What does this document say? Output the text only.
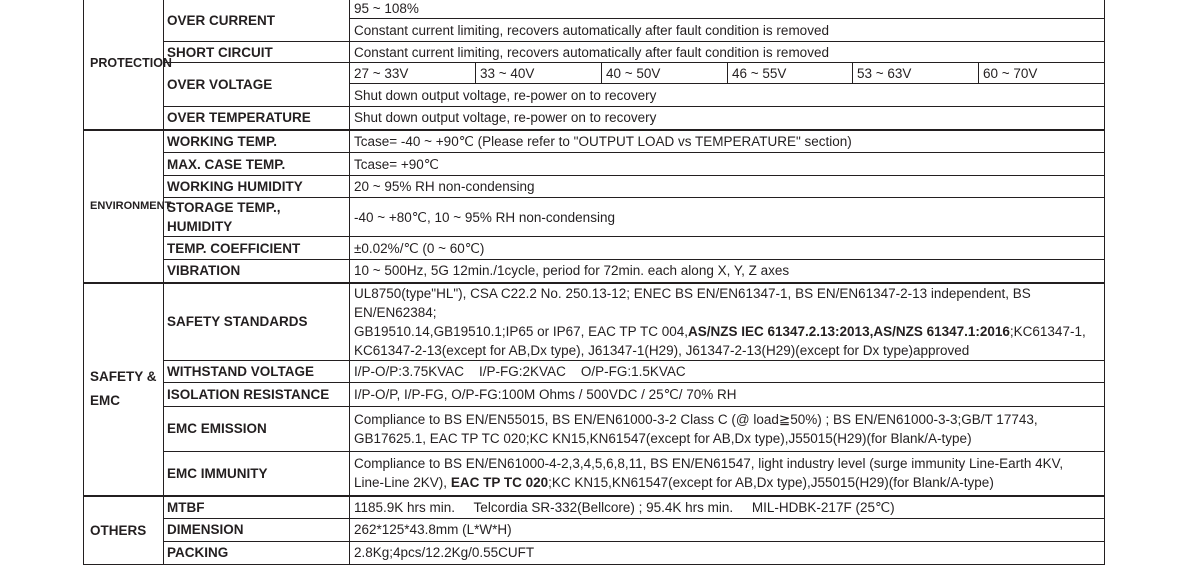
PROTECTION	OVER CURRENT	95 ~ 108%					
		Constant current limiting, recovers automatically after fault condition is removed					
	SHORT CIRCUIT	Constant current limiting, recovers automatically after fault condition is removed					
	OVER VOLTAGE	27 ~ 33V	33 ~ 40V	40 ~ 50V	46 ~ 55V	53 ~ 63V	60 ~ 70V
		Shut down output voltage, re-power on to recovery					
	OVER TEMPERATURE	Shut down output voltage, re-power on to recovery					
ENVIRONMENT	WORKING TEMP.	Tcase= -40 ~ +90℃ (Please refer to "OUTPUT LOAD vs TEMPERATURE" section)					
	MAX. CASE TEMP.	Tcase= +90℃					
	WORKING HUMIDITY	20 ~ 95% RH non-condensing					
	STORAGE TEMP., HUMIDITY	-40 ~ +80℃, 10 ~ 95% RH non-condensing					
	TEMP. COEFFICIENT	±0.02%/℃ (0 ~ 60℃)					
	VIBRATION	10 ~ 500Hz, 5G 12min./1cycle, period for 72min. each along X, Y, Z axes					
SAFETY &
EMC	SAFETY STANDARDS	UL8750(type"HL"), CSA C22.2 No. 250.13-12; ENEC BS EN/EN61347-1, BS EN/EN61347-2-13 independent, BS EN/EN62384;
GB19510.14,GB19510.1;IP65 or IP67, EAC TP TC 004,AS/NZS IEC 61347.2.13:2013,AS/NZS 61347.1:2016;KC61347-1,
KC61347-2-13(except for AB,Dx type), J61347-1(H29), J61347-2-13(H29)(except for Dx type)approved					
	WITHSTAND VOLTAGE	I/P-O/P:3.75KVAC    I/P-FG:2KVAC    O/P-FG:1.5KVAC					
	ISOLATION RESISTANCE	I/P-O/P, I/P-FG, O/P-FG:100M Ohms / 500VDC / 25℃/ 70% RH					
	EMC EMISSION	Compliance to BS EN/EN55015, BS EN/EN61000-3-2 Class C (@ load≧50%) ; BS EN/EN61000-3-3;GB/T 17743,
GB17625.1, EAC TP TC 020;KC KN15,KN61547(except for AB,Dx type),J55015(H29)(for Blank/A-type)					
	EMC IMMUNITY	Compliance to BS EN/EN61000-4-2,3,4,5,6,8,11, BS EN/EN61547, light industry level (surge immunity Line-Earth 4KV,
Line-Line 2KV), EAC TP TC 020;KC KN15,KN61547(except for AB,Dx type),J55015(H29)(for Blank/A-type)					
OTHERS	MTBF	1185.9K hrs min.     Telcordia SR-332(Bellcore) ; 95.4K hrs min.     MIL-HDBK-217F (25℃)					
	DIMENSION	262*125*43.8mm (L*W*H)					
	PACKING	2.8Kg;4pcs/12.2Kg/0.55CUFT					
